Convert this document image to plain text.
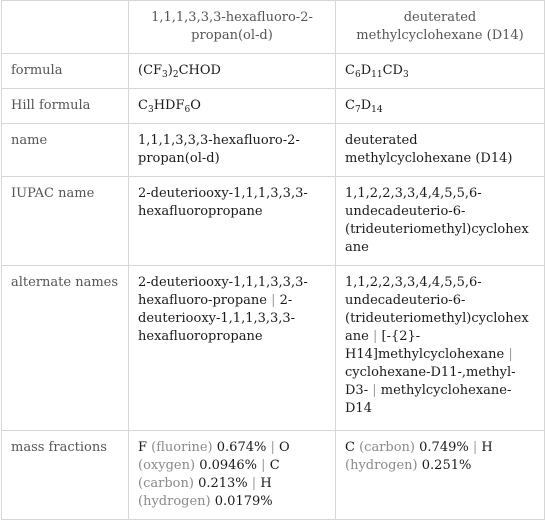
	1,1,1,3,3,3-hexafluoro-2-propan(ol-d)	deuterated methylcyclohexane (D14)
formula	$(CF_3)_2CHOD$	$C_6D_{11}CD_3$
Hill formula	$C_3HDF_6O$	$C_7D_{14}$
name	1,1,1,3,3,3-hexafluoro-2-propan(ol-d)	deuterated methylcyclohexane (D14)
IUPAC name	2-deuteriooxy-1,1,1,3,3,3-hexafluoropropane	1,1,2,2,3,3,4,4,5,5,6-undecadeuterio-6-(trideuteriomethyl)cyclohexane
alternate names	2-deuteriooxy-1,1,1,3,3,3-hexafluoro-propane | 2-deuteriooxy-1,1,1,3,3,3-hexafluoropropane	1,1,2,2,3,3,4,4,5,5,6-undecadeuterio-6-(trideuteriomethyl)cyclohexane | [-{2}-H14]methylcyclohexane | cyclohexane-D11-,methyl-D3- | methylcyclohexane-D14
mass fractions	F (fluorine) 0.674% | O (oxygen) 0.0946% | C (carbon) 0.213% | H (hydrogen) 0.0179%	C (carbon) 0.749% | H (hydrogen) 0.251%
